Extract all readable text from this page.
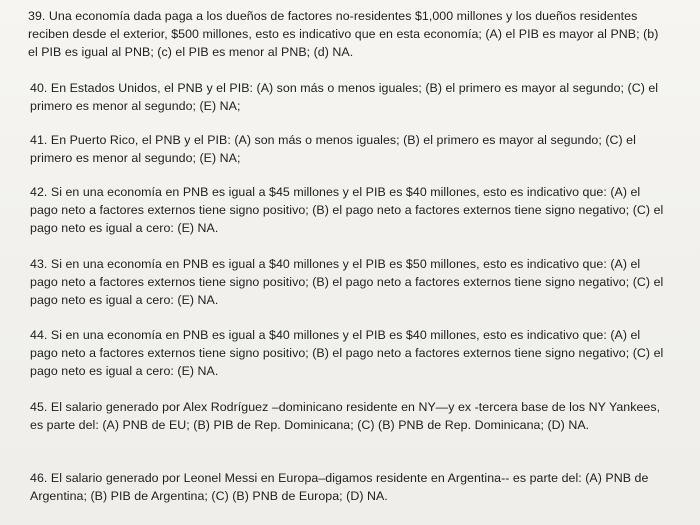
39. Una economía dada paga a los dueños de factores no-residentes $1,000 millones y los dueños residentes reciben desde el exterior, $500 millones, esto es indicativo que en esta economía; (A) el PIB es mayor al PNB; (b) el PIB es igual al PNB; (c) el PIB es menor al PNB; (d) NA.

40. En Estados Unidos, el PNB y el PIB: (A) son más o menos iguales; (B) el primero es mayor al segundo; (C) el primero es menor al segundo; (E) NA;

41. En Puerto Rico, el PNB y el PIB: (A) son más o menos iguales; (B) el primero es mayor al segundo; (C) el primero es menor al segundo; (E) NA;

42. Si en una economía en PNB es igual a $45 millones y el PIB es $40 millones, esto es indicativo que: (A) el pago neto a factores externos tiene signo positivo; (B) el pago neto a factores externos tiene signo negativo; (C) el pago neto es igual a cero: (E) NA.

43. Si en una economía en PNB es igual a $40 millones y el PIB es $50 millones, esto es indicativo que: (A) el pago neto a factores externos tiene signo positivo; (B) el pago neto a factores externos tiene signo negativo; (C) el pago neto es igual a cero: (E) NA.

44. Si en una economía en PNB es igual a $40 millones y el PIB es $40 millones, esto es indicativo que: (A) el pago neto a factores externos tiene signo positivo; (B) el pago neto a factores externos tiene signo negativo; (C) el pago neto es igual a cero: (E) NA.

45. El salario generado por Alex Rodríguez –dominicano residente en NY—y ex -tercera base de los NY Yankees, es parte del: (A) PNB de EU; (B) PIB de Rep. Dominicana; (C) (B) PNB de Rep. Dominicana; (D) NA.

46. El salario generado por Leonel Messi en Europa–digamos residente en Argentina-- es parte del: (A) PNB de Argentina; (B) PIB de Argentina; (C) (B) PNB de Europa; (D) NA.
